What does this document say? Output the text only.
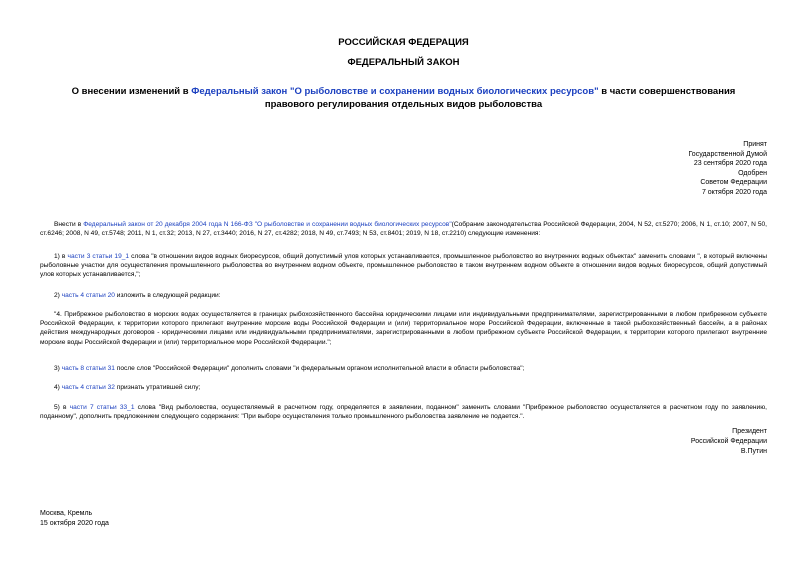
РОССИЙСКАЯ ФЕДЕРАЦИЯ
ФЕДЕРАЛЬНЫЙ ЗАКОН
О внесении изменений в Федеральный закон "О рыболовстве и сохранении водных биологических ресурсов" в части совершенствования правового регулирования отдельных видов рыболовства
Принят
Государственной Думой
23 сентября 2020 года
Одобрен
Советом Федерации
7 октября 2020 года

Внести в Федеральный закон от 20 декабря 2004 года N 166-ФЗ "О рыболовстве и сохранении водных биологических ресурсов"(Собрание законодательства Российской Федерации, 2004, N 52, ст.5270; 2006, N 1, ст.10; 2007, N 50, ст.6246; 2008, N 49, ст.5748; 2011, N 1, ст.32; 2013, N 27, ст.3440; 2016, N 27, ст.4282; 2018, N 49, ст.7493; N 53, ст.8401; 2019, N 18, ст.2210) следующие изменения:

1) в части 3 статьи 19_1 слова "в отношении видов водных биоресурсов, общий допустимый улов которых устанавливается, промышленное рыболовство во внутренних водных объектах" заменить словами ", в который включены рыболовные участки для осуществления промышленного рыболовства во внутреннем водном объекте, промышленное рыболовство в таком внутреннем водном объекте в отношении видов водных биоресурсов, общий допустимый улов которых устанавливается,";

2) часть 4 статьи 20 изложить в следующей редакции:

"4. Прибрежное рыболовство в морских водах осуществляется в границах рыбохозяйственного бассейна юридическими лицами или индивидуальными предпринимателями, зарегистрированными в любом прибрежном субъекте Российской Федерации, к территории которого прилегают внутренние морские воды Российской Федерации и (или) территориальное море Российской Федерации, включенные в такой рыбохозяйственный бассейн, а в районах действия международных договоров - юридическими лицами или индивидуальными предпринимателями, зарегистрированными в любом прибрежном субъекте Российской Федерации, к территории которого прилегают внутренние морские воды Российской Федерации и (или) территориальное море Российской Федерации.";

3) часть 8 статьи 31 после слов "Российской Федерации" дополнить словами "и федеральным органом исполнительной власти в области рыболовства";

4) часть 4 статьи 32 признать утратившей силу;

5) в части 7 статьи 33_1 слова "Вид рыболовства, осуществляемый в расчетном году, определяется в заявлении, поданном" заменить словами "Прибрежное рыболовство осуществляется в расчетном году по заявлению, поданному", дополнить предложением следующего содержания: "При выборе осуществления только промышленного рыболовства заявление не подается.".

Президент
Российской Федерации
В.Путин
Москва, Кремль
15 октября 2020 года
